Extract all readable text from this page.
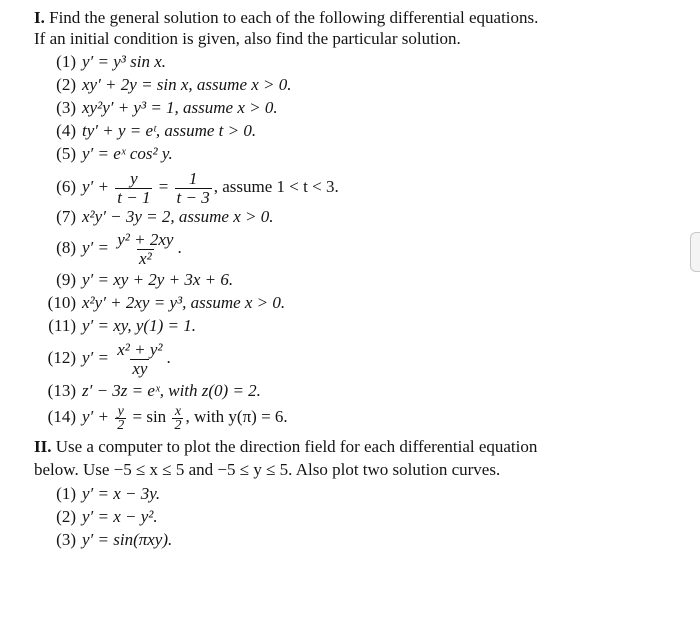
I. Find the general solution to each of the following differential equations.
If an initial condition is given, also find the particular solution.
(1) y′ = y³ sin x.
(2) xy′ + 2y = sin x, assume x > 0.
(3) xy²y′ + y³ = 1, assume x > 0.
(4) ty′ + y = eᵗ, assume t > 0.
(5) y′ = eˣ cos² y.
(6) $y' + \frac{y}{t - 1} = \frac{1}{t - 3}$ , assume 1 < t < 3.
(7) x²y′ − 3y = 2, assume x > 0.
(8) $y' = \frac{\text{y² + 2xy}}{\text{x²}}$ .
(9) y′ = xy + 2y + 3x + 6.
(10) x²y′ + 2xy = y³, assume x > 0.
(11) y′ = xy, y(1) = 1.
(12) $y' = \frac{\text{x² + y²}}{xy}$ .
(13) z′ − 3z = eˣ, with z(0) = 2.
(14) $y' + \frac{y}{2} = \sin \frac{x}{2}$ , with y(π) = 6.
II. Use a computer to plot the direction field for each differential equation
below. Use −5 ≤ x ≤ 5 and −5 ≤ y ≤ 5. Also plot two solution curves.
(1) y′ = x − 3y.
(2) y′ = x − y².
(3) y′ = sin(πxy).
